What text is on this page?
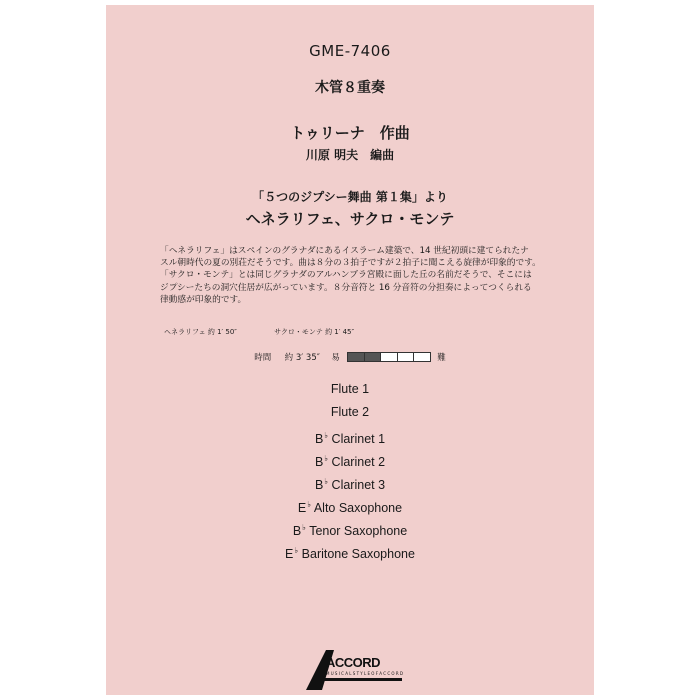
GME-7406
木管８重奏
トゥリーナ　作曲
川原 明夫　編曲
「５つのジプシー舞曲 第１集」より
ヘネラリフェ、サクロ・モンテ
「ヘネラリフェ」はスペインのグラナダにあるイスラーム建築で、14 世紀初頭に建てられたナ
スル朝時代の夏の別荘だそうです。曲は８分の３拍子ですが２拍子に聞こえる旋律が印象的です。
「サクロ・モンテ」とは同じグラナダのアルハンブラ宮殿に面した丘の名前だそうで、そこには
ジプシーたちの洞穴住居が広がっています。８分音符と 16 分音符の分担奏によってつくられる
律動感が印象的です。
ヘネラリフェ 約 1′ 50″	サクロ・モンテ 約 1′ 45″
時間 約 3′ 35″ 易	難
Flute 1
Flute 2
B♭ Clarinet 1
B♭ Clarinet 2
B♭ Clarinet 3
E♭ Alto Saxophone
B♭ Tenor Saxophone
E♭ Baritone Saxophone
ACCORD
M U S I C A L S T Y L E O F A C C O R D
